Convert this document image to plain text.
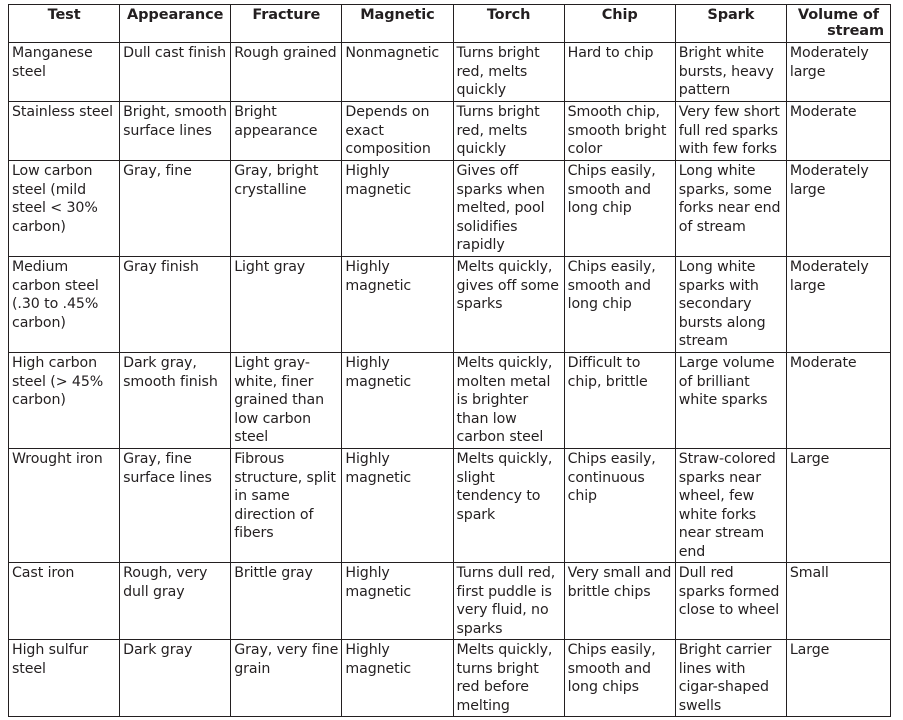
Test	Appearance	Fracture	Magnetic	Torch	Chip	Spark	Volume of
stream

Manganese steel	Dull cast finish	Rough grained	Nonmagnetic	Turns bright red, melts quickly	Hard to chip	Bright white bursts, heavy pattern	Moderately large
Stainless steel	Bright, smooth surface lines	Bright appearance	Depends on exact composition	Turns bright red, melts quickly	Smooth chip, smooth bright color	Very few short full red sparks with few forks	Moderate
Low carbon steel (mild steel < 30% carbon)	Gray, fine	Gray, bright crystalline	Highly magnetic	Gives off sparks when melted, pool solidifies rapidly	Chips easily, smooth and long chip	Long white sparks, some forks near end of stream	Moderately large
Medium carbon steel (.30 to .45% carbon)	Gray finish	Light gray	Highly magnetic	Melts quickly, gives off some sparks	Chips easily, smooth and long chip	Long white sparks with secondary bursts along stream	Moderately large
High carbon steel (> 45% carbon)	Dark gray, smooth finish	Light gray-white, finer grained than low carbon steel	Highly magnetic	Melts quickly, molten metal is brighter than low carbon steel	Difficult to chip, brittle	Large volume of brilliant white sparks	Moderate
Wrought iron	Gray, fine surface lines	Fibrous structure, split in same direction of fibers	Highly magnetic	Melts quickly, slight tendency to spark	Chips easily, continuous chip	Straw-colored sparks near wheel, few white forks near stream end	Large
Cast iron	Rough, very dull gray	Brittle gray	Highly magnetic	Turns dull red, first puddle is very fluid, no sparks	Very small and brittle chips	Dull red sparks formed close to wheel	Small
High sulfur steel	Dark gray	Gray, very fine grain	Highly magnetic	Melts quickly, turns bright red before melting	Chips easily, smooth and long chips	Bright carrier lines with cigar-shaped swells	Large
